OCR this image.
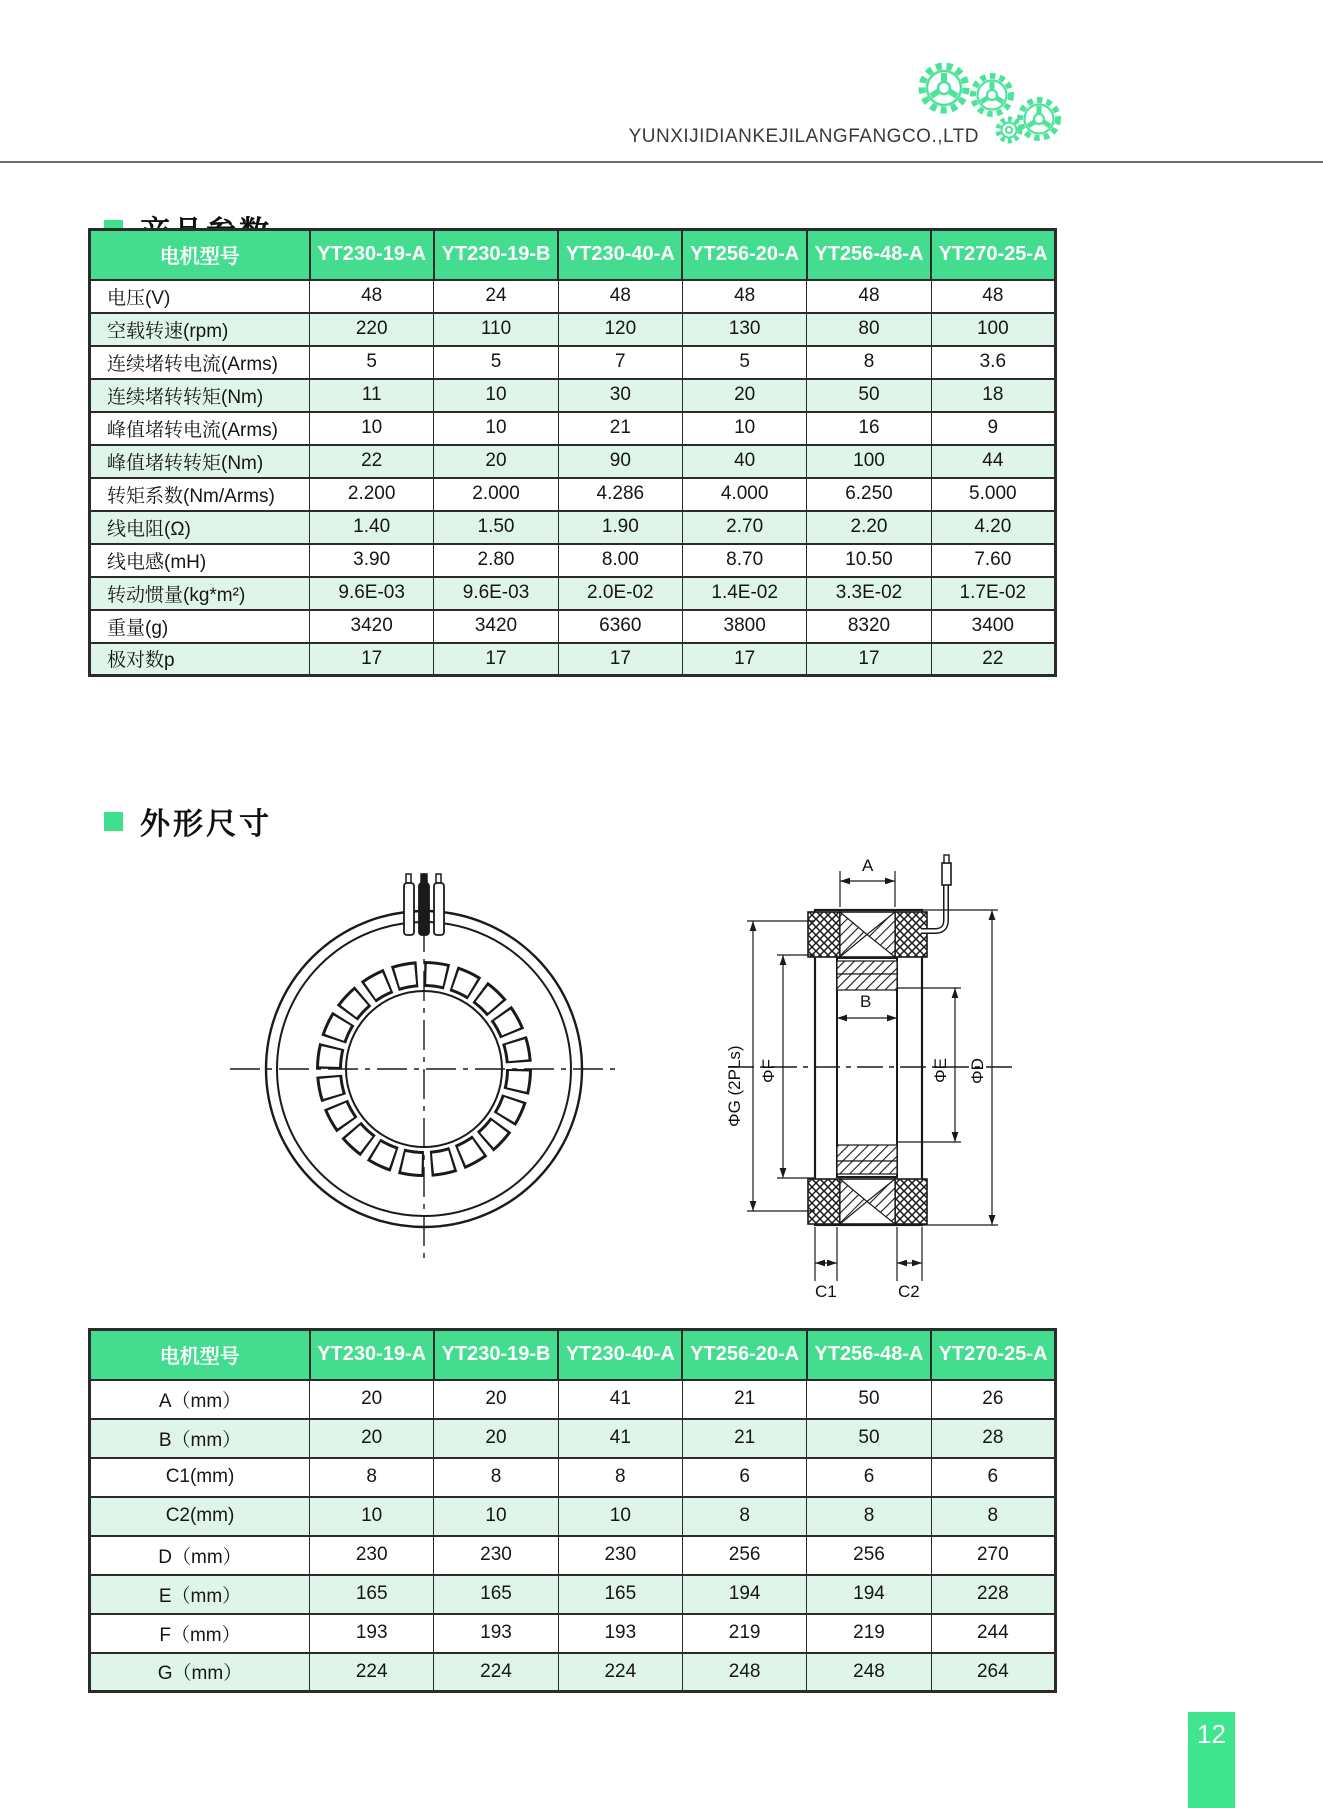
YUNXIJIDIANKEJILANGFANGCO.,LTD
电机型号	YT230-19-A	YT230-19-B	YT230-40-A	YT256-20-A	YT256-48-A	YT270-25-A
电压(V)	48	24	48	48	48	48
空载转速(rpm)	220	110	120	130	80	100
连续堵转电流(Arms)	5	5	7	5	8	3.6
连续堵转转矩(Nm)	11	10	30	20	50	18
峰值堵转电流(Arms)	10	10	21	10	16	9
峰值堵转转矩(Nm)	22	20	90	40	100	44
转矩系数(Nm/Arms)	2.200	2.000	4.286	4.000	6.250	5.000
线电阻(Ω)	1.40	1.50	1.90	2.70	2.20	4.20
线电感(mH)	3.90	2.80	8.00	8.70	10.50	7.60
转动惯量(kg*m²)	9.6E-03	9.6E-03	2.0E-02	1.4E-02	3.3E-02	1.7E-02
重量(g)	3420	3420	6360	3800	8320	3400
极对数p	17	17	17	17	17	22
外形尺寸
A
B
ΦG (2PLs) ΦF	ΦE ΦD
C1	C2
电机型号	YT230-19-A	YT230-19-B	YT230-40-A	YT256-20-A	YT256-48-A	YT270-25-A
A（mm）	20	20	41	21	50	26
B（mm）	20	20	41	21	50	28
C1(mm)	8	8	8	6	6	6
C2(mm)	10	10	10	8	8	8
D（mm）	230	230	230	256	256	270
E（mm）	165	165	165	194	194	228
F（mm）	193	193	193	219	219	244
G（mm）	224	224	224	248	248	264
12
